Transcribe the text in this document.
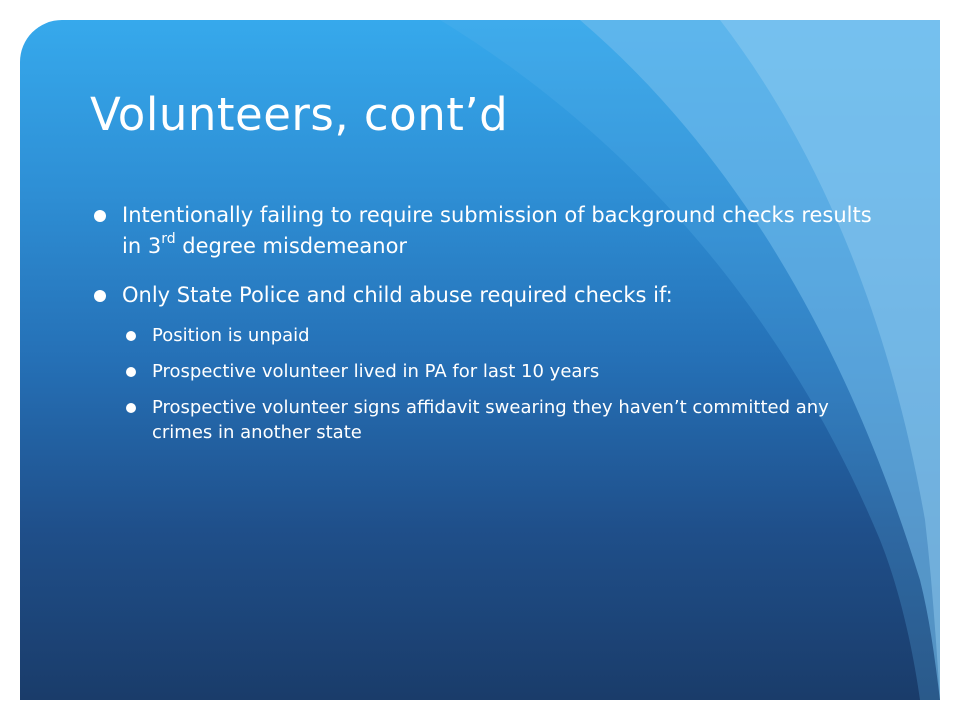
Volunteers, cont’d
Intentionally failing to require submission of background checks results in 3rd degree misdemeanor
Only State Police and child abuse required checks if:
Position is unpaid
Prospective volunteer lived in PA for last 10 years
Prospective volunteer signs affidavit swearing they haven’t committed any crimes in another state
